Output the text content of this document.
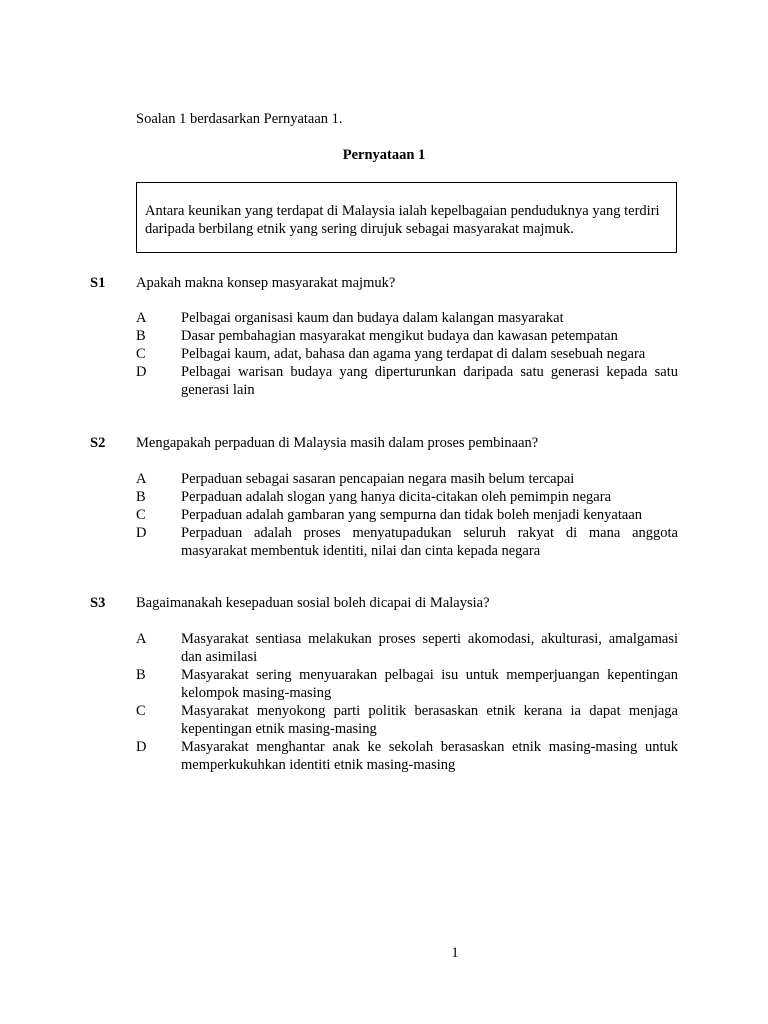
Soalan 1 berdasarkan Pernyataan 1.
Pernyataan 1
Antara keunikan yang terdapat di Malaysia ialah kepelbagaian penduduknya yang terdiri daripada berbilang etnik yang sering dirujuk sebagai masyarakat majmuk.
S1 Apakah makna konsep masyarakat majmuk?
A Pelbagai organisasi kaum dan budaya dalam kalangan masyarakat
B Dasar pembahagian masyarakat mengikut budaya dan kawasan petempatan
C Pelbagai kaum, adat, bahasa dan agama yang terdapat di dalam sesebuah negara
D Pelbagai warisan budaya yang diperturunkan daripada satu generasi kepada satu generasi lain
S2 Mengapakah perpaduan di Malaysia masih dalam proses pembinaan?
A Perpaduan sebagai sasaran pencapaian negara masih belum tercapai
B Perpaduan adalah slogan yang hanya dicita-citakan oleh pemimpin negara
C Perpaduan adalah gambaran yang sempurna dan tidak boleh menjadi kenyataan
D Perpaduan adalah proses menyatupadukan seluruh rakyat di mana anggota masyarakat membentuk identiti, nilai dan cinta kepada negara
S3 Bagaimanakah kesepaduan sosial boleh dicapai di Malaysia?
A Masyarakat sentiasa melakukan proses seperti akomodasi, akulturasi, amalgamasi dan asimilasi
B Masyarakat sering menyuarakan pelbagai isu untuk memperjuangan kepentingan kelompok masing-masing
C Masyarakat menyokong parti politik berasaskan etnik kerana ia dapat menjaga kepentingan etnik masing-masing
D Masyarakat menghantar anak ke sekolah berasaskan etnik masing-masing untuk memperkukuhkan identiti etnik masing-masing
1
